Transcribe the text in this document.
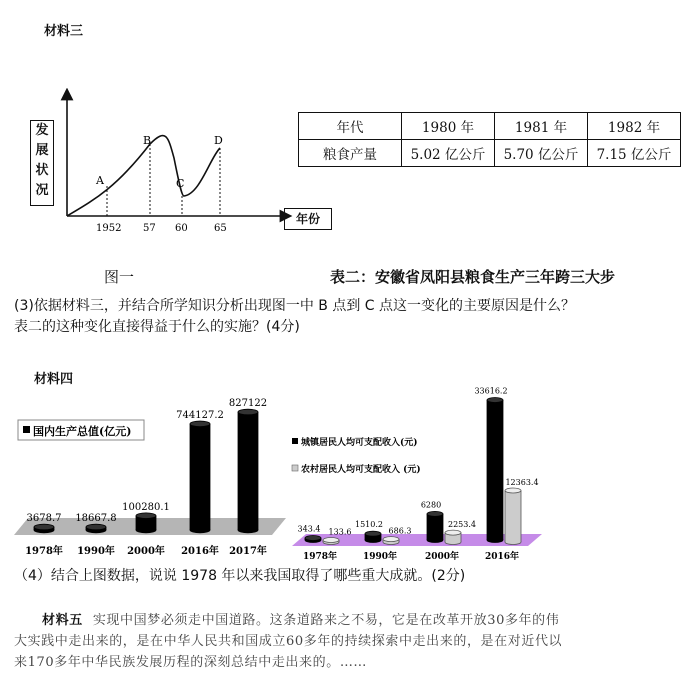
材料三
A
B
C
D
1952 57 60	65
发
展
状
况
年份
年代	1980 年	1981 年	1982 年
粮食产量	5.02 亿公斤	5.70 亿公斤	7.15 亿公斤
图一	表二：安徽省凤阳县粮食生产三年跨三大步
(3)依据材料三，并结合所学知识分析出现图一中 B 点到 C 点这一变化的主要原因是什么？
表二的这种变化直接得益于什么的实施？(4分)
材料四
3678.7
1978年
18667.8
1990年
100280.1
2000年
744127.2
2016年
827122
2017年
国内生产总值(亿元)
343.4 133.6
1978年
1510.2
686.3
1990年
6280
2253.4
2000年
33616.2
12363.4
2016年
城镇居民人均可支配收入(元)
农村居民人均可支配收入 (元)
（4）结合上图数据，说说 1978 年以来我国取得了哪些重大成就。(2分)
材料五 实现中国梦必须走中国道路。这条道路来之不易，它是在改革开放30多年的伟
大实践中走出来的，是在中华人民共和国成立60多年的持续探索中走出来的，是在对近代以
来170多年中华民族发展历程的深刻总结中走出来的。……
